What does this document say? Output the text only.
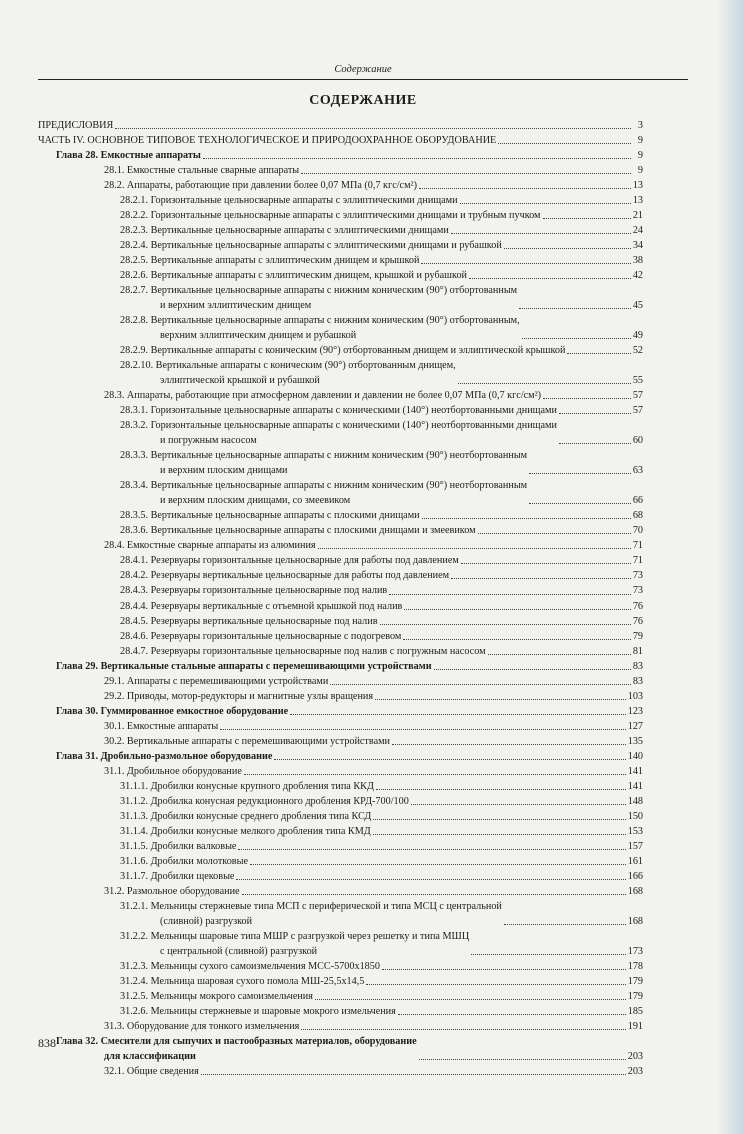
Содержание
СОДЕРЖАНИЕ
ПРЕДИСЛОВИЯ	3
ЧАСТЬ IV. ОСНОВНОЕ ТИПОВОЕ ТЕХНОЛОГИЧЕСКОЕ И ПРИРОДООХРАННОЕ ОБОРУДОВАНИЕ	9
Глава 28. Емкостные аппараты	9
28.1. Емкостные стальные сварные аппараты	9
28.2. Аппараты, работающие при давлении более 0,07 МПа (0,7 кгс/см²)	13
28.2.1. Горизонтальные цельносварные аппараты с эллиптическими днищами	13
28.2.2. Горизонтальные цельносварные аппараты с эллиптическими днищами и трубным пучком	21
28.2.3. Вертикальные цельносварные аппараты с эллиптическими днищами	24
28.2.4. Вертикальные цельносварные аппараты с эллиптическими днищами и рубашкой	34
28.2.5. Вертикальные аппараты с эллиптическим днищем и крышкой	38
28.2.6. Вертикальные аппараты с эллиптическим днищем, крышкой и рубашкой	42
28.2.7. Вертикальные цельносварные аппараты с нижним коническим (90°) отбортованным
и верхним эллиптическим днищем	45
28.2.8. Вертикальные цельносварные аппараты с нижним коническим (90°) отбортованным,
верхним эллиптическим днищем и рубашкой	49
28.2.9. Вертикальные аппараты с коническим (90°) отбортованным днищем и эллиптической крышкой	52
28.2.10. Вертикальные аппараты с коническим (90°) отбортованным днищем,
эллиптической крышкой и рубашкой	55
28.3. Аппараты, работающие при атмосферном давлении и давлении не более 0,07 МПа (0,7 кгс/см²)	57
28.3.1. Горизонтальные цельносварные аппараты с коническими (140°) неотбортованными днищами	57
28.3.2. Горизонтальные цельносварные аппараты с коническими (140°) неотбортованными днищами
и погружным насосом	60
28.3.3. Вертикальные цельносварные аппараты с нижним коническим (90°) неотбортованным
и верхним плоским днищами	63
28.3.4. Вертикальные цельносварные аппараты с нижним коническим (90°) неотбортованным
и верхним плоским днищами, со змеевиком	66
28.3.5. Вертикальные цельносварные аппараты с плоскими днищами	68
28.3.6. Вертикальные цельносварные аппараты с плоскими днищами и змеевиком	70
28.4. Емкостные сварные аппараты из алюминия	71
28.4.1. Резервуары горизонтальные цельносварные для работы под давлением	71
28.4.2. Резервуары вертикальные цельносварные для работы под давлением	73
28.4.3. Резервуары горизонтальные цельносварные под налив	73
28.4.4. Резервуары вертикальные с отъемной крышкой под налив	76
28.4.5. Резервуары вертикальные цельносварные под налив	76
28.4.6. Резервуары горизонтальные цельносварные с подогревом	79
28.4.7. Резервуары горизонтальные цельносварные под налив с погружным насосом	81
Глава 29. Вертикальные стальные аппараты с перемешивающими устройствами	83
29.1. Аппараты с перемешивающими устройствами	83
29.2. Приводы, мотор-редукторы и магнитные узлы вращения	103
Глава 30. Гуммированное емкостное оборудование	123
30.1. Емкостные аппараты	127
30.2. Вертикальные аппараты с перемешивающими устройствами	135
Глава 31. Дробильно-размольное оборудование	140
31.1. Дробильное оборудование	141
31.1.1. Дробилки конусные крупного дробления типа ККД	141
31.1.2. Дробилка конусная редукционного дробления КРД-700/100	148
31.1.3. Дробилки конусные среднего дробления типа КСД	150
31.1.4. Дробилки конусные мелкого дробления типа КМД	153
31.1.5. Дробилки валковые	157
31.1.6. Дробилки молотковые	161
31.1.7. Дробилки щековые	166
31.2. Размольное оборудование	168
31.2.1. Мельницы стержневые типа МСП с периферической и типа МСЦ с центральной
(сливной) разгрузкой	168
31.2.2. Мельницы шаровые типа МШР с разгрузкой через решетку и типа МШЦ
с центральной (сливной) разгрузкой	173
31.2.3. Мельницы сухого самоизмельчения МСС-5700х1850	178
31.2.4. Мельница шаровая сухого помола МШ-25,5х14,5	179
31.2.5. Мельницы мокрого самоизмельчения	179
31.2.6. Мельницы стержневые и шаровые мокрого измельчения	185
31.3. Оборудование для тонкого измельчения	191
Глава 32. Смесители для сыпучих и пастообразных материалов, оборудование
для классификации	203
32.1. Общие сведения	203
838
